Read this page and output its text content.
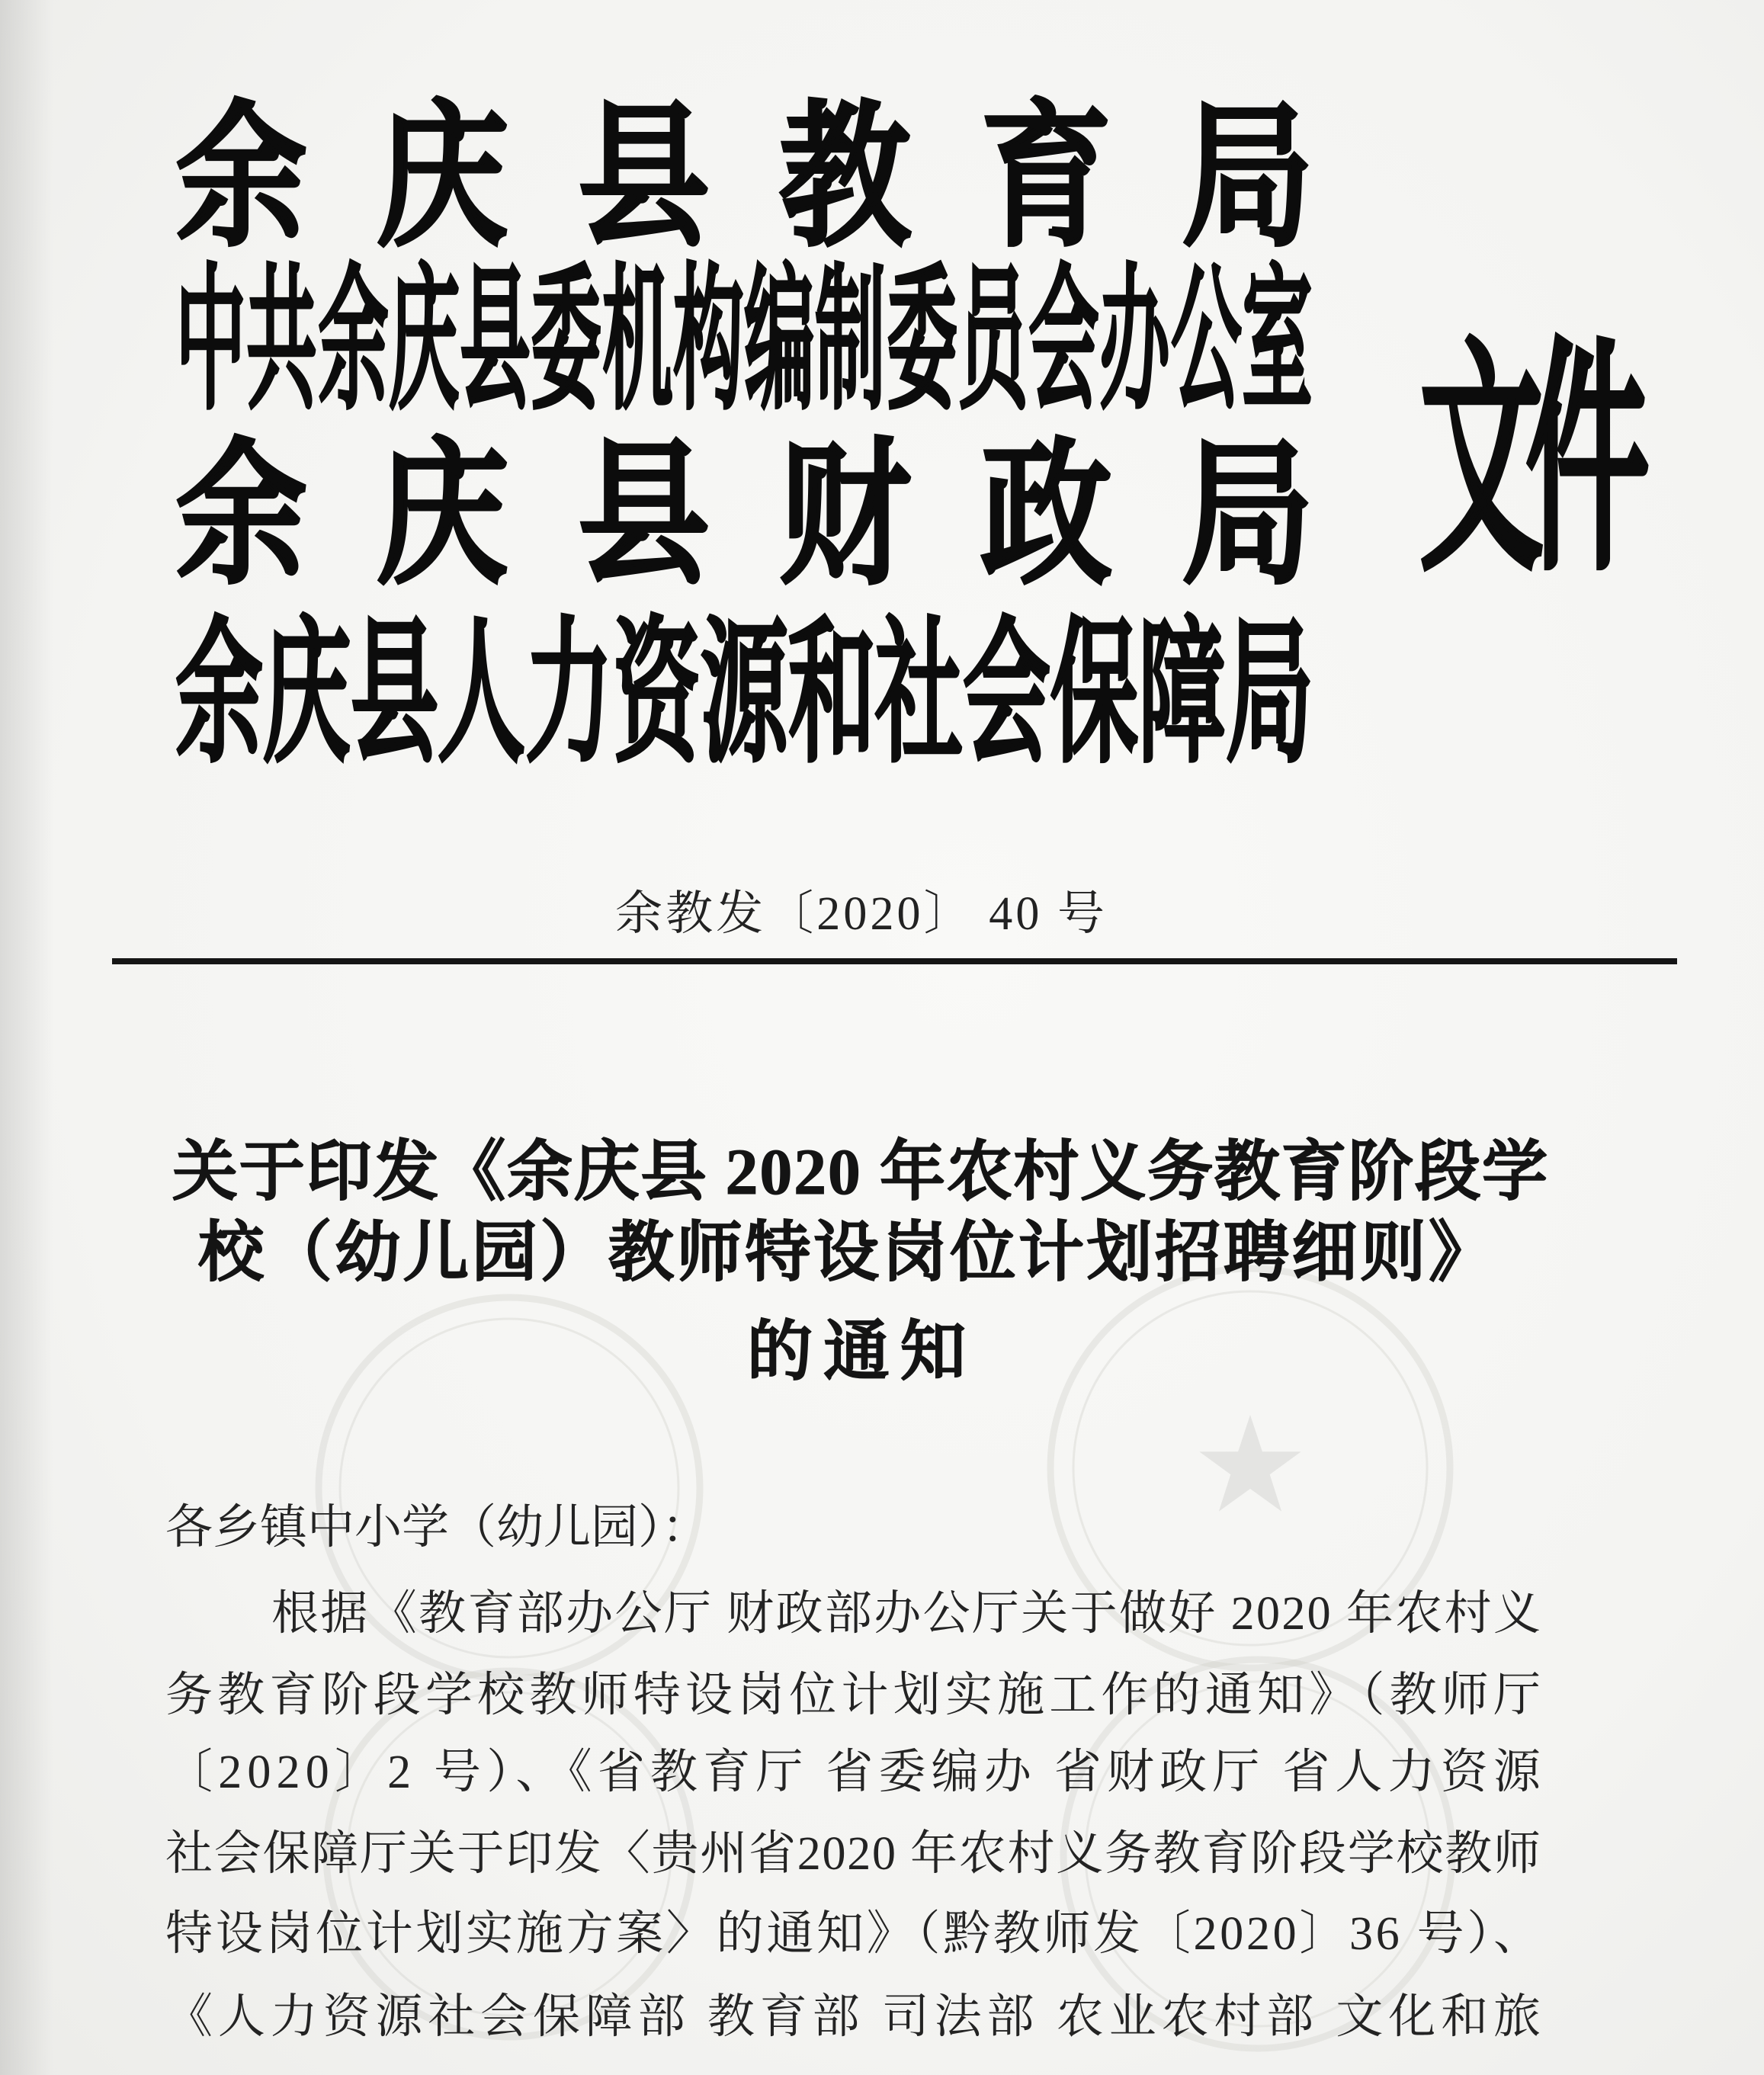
余 庆 县 教 育 局
中 共 余 庆 县 委 机 构 编 制 委 员 会 办 公 室
余 庆 县 财 政 局
余 庆 县 人 力 资 源 和 社 会 保 障 局
文
件
余教发〔2020〕 40 号
关于印发《余庆县 2020 年农村义务教育阶段学
校（幼儿园）教师特设岗位计划招聘细则》
的通知
各乡镇中小学（幼儿园）：
根据《教育部办公厅 财政部办公厅关于做好 2020 年农村义
务教育阶段学校教师特设岗位计划实施工作的通知》（教师厅
〔2020〕2 号）、《省教育厅 省委编办 省财政厅 省人力资源
社会保障厅关于印发〈贵州省2020 年农村义务教育阶段学校教师
特设岗位计划实施方案〉的通知》（黔教师发〔2020〕36 号）、
《人力资源社会保障部 教育部 司法部 农业农村部 文化和旅
